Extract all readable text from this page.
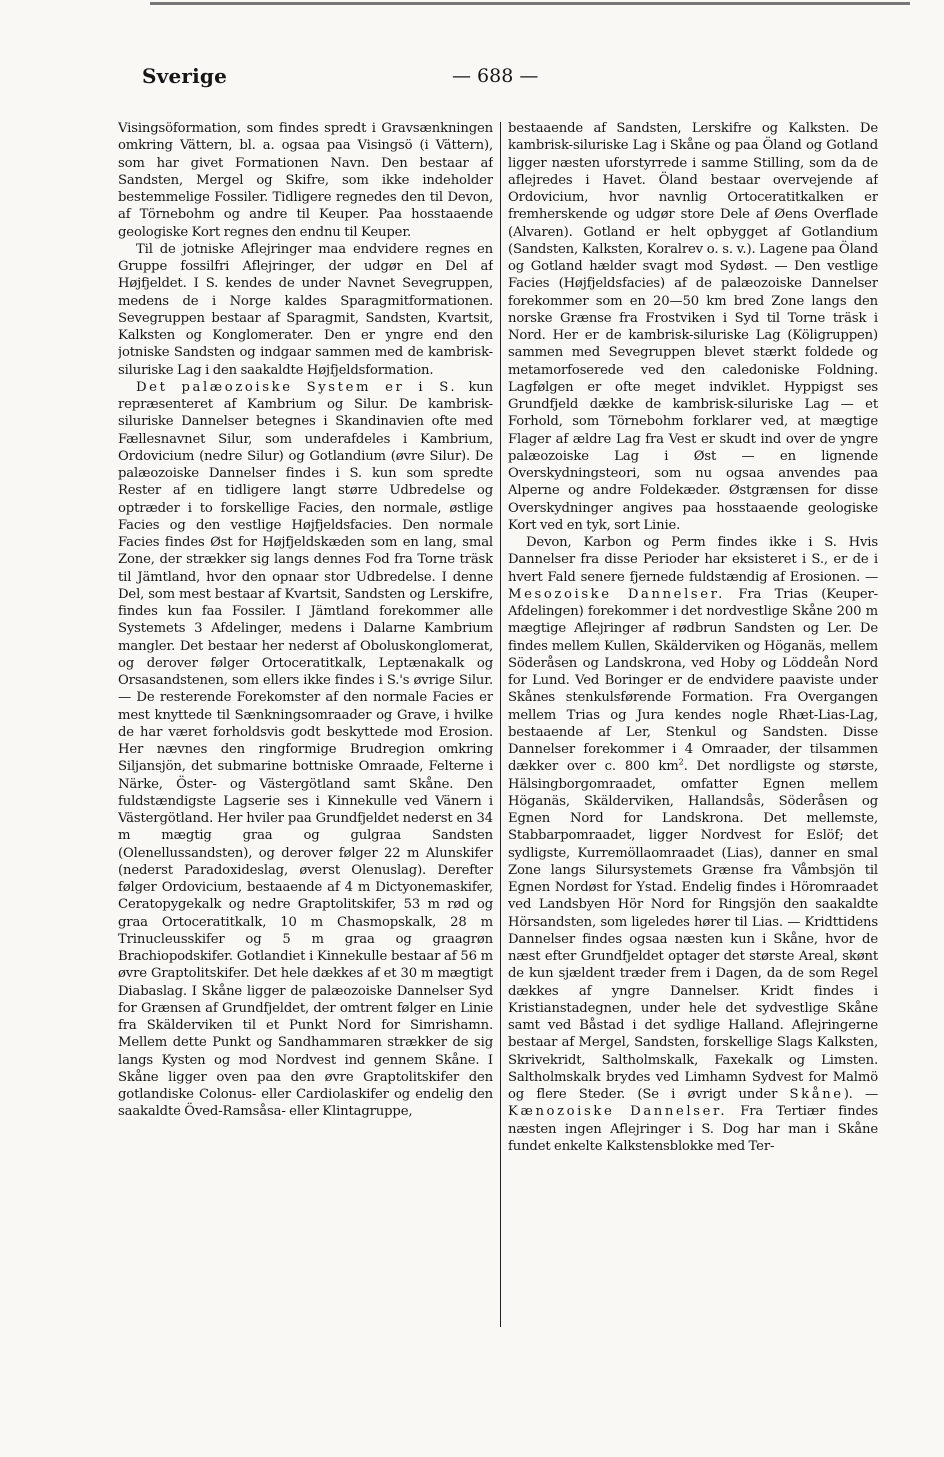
Sverige	— 688 —

Visingsöformation, som findes spredt i Gravsænkningen omkring Vättern, bl. a. ogsaa paa Visingsö (i Vättern), som har givet Formationen Navn. Den bestaar af Sandsten, Mergel og Skifre, som ikke indeholder bestemmelige Fossiler. Tidligere regnedes den til Devon, af Törnebohm og andre til Keuper. Paa hosstaaende geologiske Kort regnes den endnu til Keuper.

Til de jotniske Aflejringer maa endvidere regnes en Gruppe fossilfri Aflejringer, der udgør en Del af Højfjeldet. I S. kendes de under Navnet Sevegruppen, medens de i Norge kaldes Sparagmitformationen. Sevegruppen bestaar af Sparagmit, Sandsten, Kvartsit, Kalksten og Konglomerater. Den er yngre end den jotniske Sandsten og indgaar sammen med de kambrisk-siluriske Lag i den saakaldte Højfjeldsformation.

Det palæozoiske System er i S. kun repræsenteret af Kambrium og Silur. De kambrisk-siluriske Dannelser betegnes i Skandinavien ofte med Fællesnavnet Silur, som underafdeles i Kambrium, Ordovicium (nedre Silur) og Gotlandium (øvre Silur). De palæozoiske Dannelser findes i S. kun som spredte Rester af en tidligere langt større Udbredelse og optræder i to forskellige Facies, den normale, østlige Facies og den vestlige Højfjeldsfacies. Den normale Facies findes Øst for Højfjeldskæden som en lang, smal Zone, der strækker sig langs dennes Fod fra Torne träsk til Jämtland, hvor den opnaar stor Udbredelse. I denne Del, som mest bestaar af Kvartsit, Sandsten og Lerskifre, findes kun faa Fossiler. I Jämtland forekommer alle Systemets 3 Afdelinger, medens i Dalarne Kambrium mangler. Det bestaar her nederst af Oboluskonglomerat, og derover følger Ortoceratitkalk, Leptænakalk og Orsasandstenen, som ellers ikke findes i S.'s øvrige Silur. — De resterende Forekomster af den normale Facies er mest knyttede til Sænkningsomraader og Grave, i hvilke de har været forholdsvis godt beskyttede mod Erosion. Her nævnes den ringformige Brudregion omkring Siljansjön, det submarine bottniske Omraade, Felterne i Närke, Öster- og Västergötland samt Skåne. Den fuldstændigste Lagserie ses i Kinnekulle ved Vänern i Västergötland. Her hviler paa Grundfjeldet nederst en 34 m mægtig graa og gulgraa Sandsten (Olenellussandsten), og derover følger 22 m Alunskifer (nederst Paradoxideslag, øverst Olenuslag). Derefter følger Ordovicium, bestaaende af 4 m Dictyonemaskifer, Ceratopygekalk og nedre Graptolitskifer, 53 m rød og graa Ortoceratitkalk, 10 m Chasmopskalk, 28 m Trinucleusskifer og 5 m graa og graagrøn Brachiopodskifer. Gotlandiet i Kinnekulle bestaar af 56 m øvre Graptolitskifer. Det hele dækkes af et 30 m mægtigt Diabaslag. I Skåne ligger de palæozoiske Dannelser Syd for Grænsen af Grundfjeldet, der omtrent følger en Linie fra Skälderviken til et Punkt Nord for Simrishamn. Mellem dette Punkt og Sandhammaren strækker de sig langs Kysten og mod Nordvest ind gennem Skåne. I Skåne ligger oven paa den øvre Graptolitskifer den gotlandiske Colonus- eller Cardiolaskifer og endelig den saakaldte Öved-Ramsåsa- eller Klintagruppe,

bestaaende af Sandsten, Lerskifre og Kalksten. De kambrisk-siluriske Lag i Skåne og paa Öland og Gotland ligger næsten uforstyrrede i samme Stilling, som da de aflejredes i Havet. Öland bestaar overvejende af Ordovicium, hvor navnlig Ortoceratitkalken er fremherskende og udgør store Dele af Øens Overflade (Alvaren). Gotland er helt opbygget af Gotlandium (Sandsten, Kalksten, Koralrev o. s. v.). Lagene paa Öland og Gotland hælder svagt mod Sydøst. — Den vestlige Facies (Højfjeldsfacies) af de palæozoiske Dannelser forekommer som en 20—50 km bred Zone langs den norske Grænse fra Frostviken i Syd til Torne träsk i Nord. Her er de kambrisk-siluriske Lag (Köligruppen) sammen med Sevegruppen blevet stærkt foldede og metamorfoserede ved den caledoniske Foldning. Lagfølgen er ofte meget indviklet. Hyppigst ses Grundfjeld dække de kambrisk-siluriske Lag — et Forhold, som Törnebohm forklarer ved, at mægtige Flager af ældre Lag fra Vest er skudt ind over de yngre palæozoiske Lag i Øst — en lignende Overskydningsteori, som nu ogsaa anvendes paa Alperne og andre Foldekæder. Østgrænsen for disse Overskydninger angives paa hosstaaende geologiske Kort ved en tyk, sort Linie.

Devon, Karbon og Perm findes ikke i S. Hvis Dannelser fra disse Perioder har eksisteret i S., er de i hvert Fald senere fjernede fuldstændig af Erosionen. — Mesozoiske Dannelser. Fra Trias (Keuper-Afdelingen) forekommer i det nordvestlige Skåne 200 m mægtige Aflejringer af rødbrun Sandsten og Ler. De findes mellem Kullen, Skälderviken og Höganäs, mellem Söderåsen og Landskrona, ved Hoby og Löddeån Nord for Lund. Ved Boringer er de endvidere paaviste under Skånes stenkulsførende Formation. Fra Overgangen mellem Trias og Jura kendes nogle Rhæt-Lias-Lag, bestaaende af Ler, Stenkul og Sandsten. Disse Dannelser forekommer i 4 Omraader, der tilsammen dækker over c. 800 $km^2$. Det nordligste og største, Hälsingborgomraadet, omfatter Egnen mellem Höganäs, Skälderviken, Hallandsås, Söderåsen og Egnen Nord for Landskrona. Det mellemste, Stabbarpomraadet, ligger Nordvest for Eslöf; det sydligste, Kurremöllaomraadet (Lias), danner en smal Zone langs Silursystemets Grænse fra Våmbsjön til Egnen Nordøst for Ystad. Endelig findes i Höromraadet ved Landsbyen Hör Nord for Ringsjön den saakaldte Hörsandsten, som ligeledes hører til Lias. — Kridttidens Dannelser findes ogsaa næsten kun i Skåne, hvor de næst efter Grundfjeldet optager det største Areal, skønt de kun sjældent træder frem i Dagen, da de som Regel dækkes af yngre Dannelser. Kridt findes i Kristianstadegnen, under hele det sydvestlige Skåne samt ved Båstad i det sydlige Halland. Aflejringerne bestaar af Mergel, Sandsten, forskellige Slags Kalksten, Skrivekridt, Saltholmskalk, Faxekalk og Limsten. Saltholmskalk brydes ved Limhamn Sydvest for Malmö og flere Steder. (Se i øvrigt under Skåne). — Kænozoiske Dannelser. Fra Tertiær findes næsten ingen Aflejringer i S. Dog har man i Skåne fundet enkelte Kalkstensblokke med Ter-
